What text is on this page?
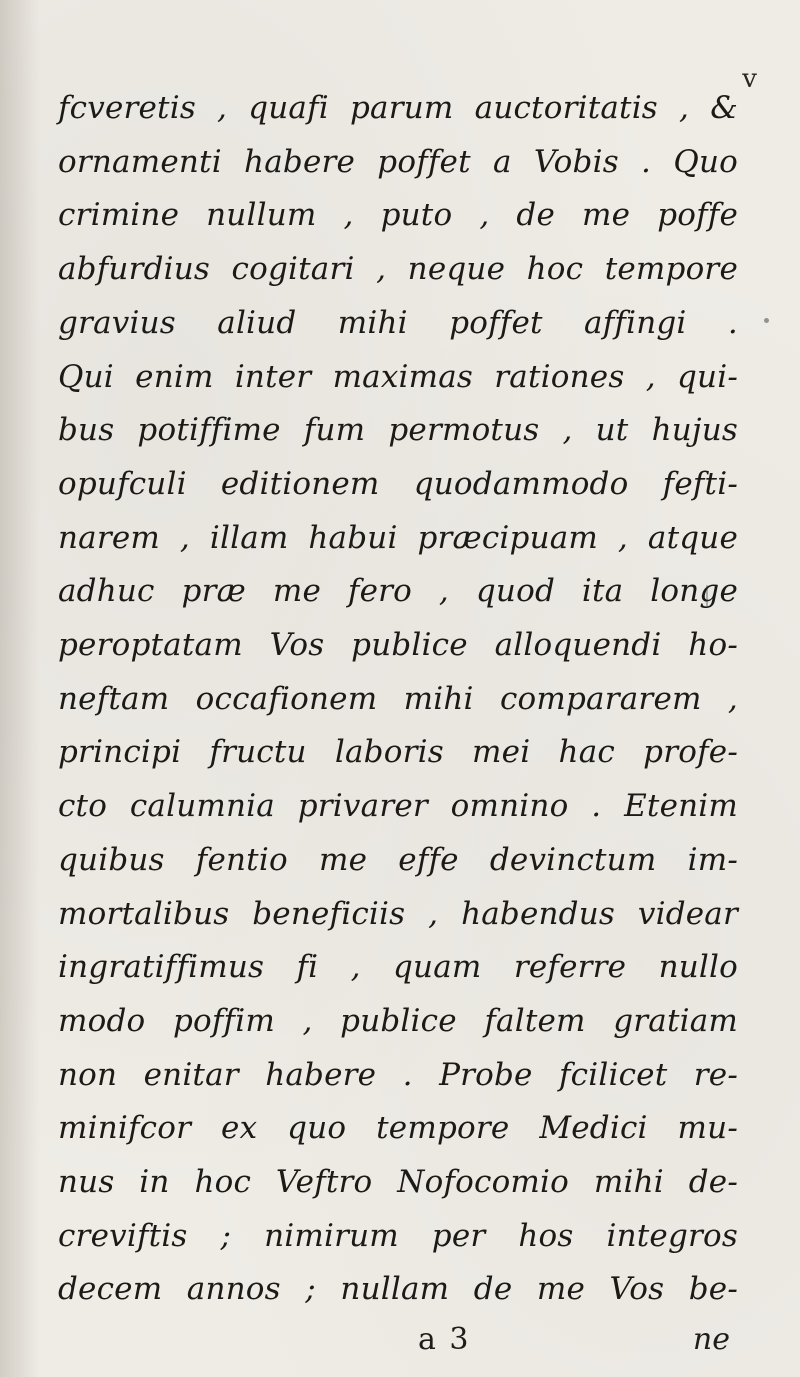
v
fcveretis , quafi parum auctoritatis , &
ornamenti habere poffet a Vobis . Quo
crimine nullum , puto , de me poffe
abfurdius cogitari , neque hoc tempore
gravius aliud mihi poffet affingi .
Qui enim inter maximas rationes , qui-
bus potiffime fum permotus , ut hujus
opufculi editionem quodammodo fefti-
narem , illam habui præcipuam , atque
adhuc præ me fero , quod ita longe
peroptatam Vos publice alloquendi ho-
neftam occafionem mihi compararem ,
principi fructu laboris mei hac profe-
cto calumnia privarer omnino . Etenim
quibus fentio me effe devinctum im-
mortalibus beneficiis , habendus videar
ingratiffimus fi , quam referre nullo
modo poffim , publice faltem gratiam
non enitar habere . Probe fcilicet re-
minifcor ex quo tempore Medici mu-
nus in hoc Veftro Nofocomio mihi de-
creviftis ; nimirum per hos integros
decem annos ; nullam de me Vos be-
a 3	ne
